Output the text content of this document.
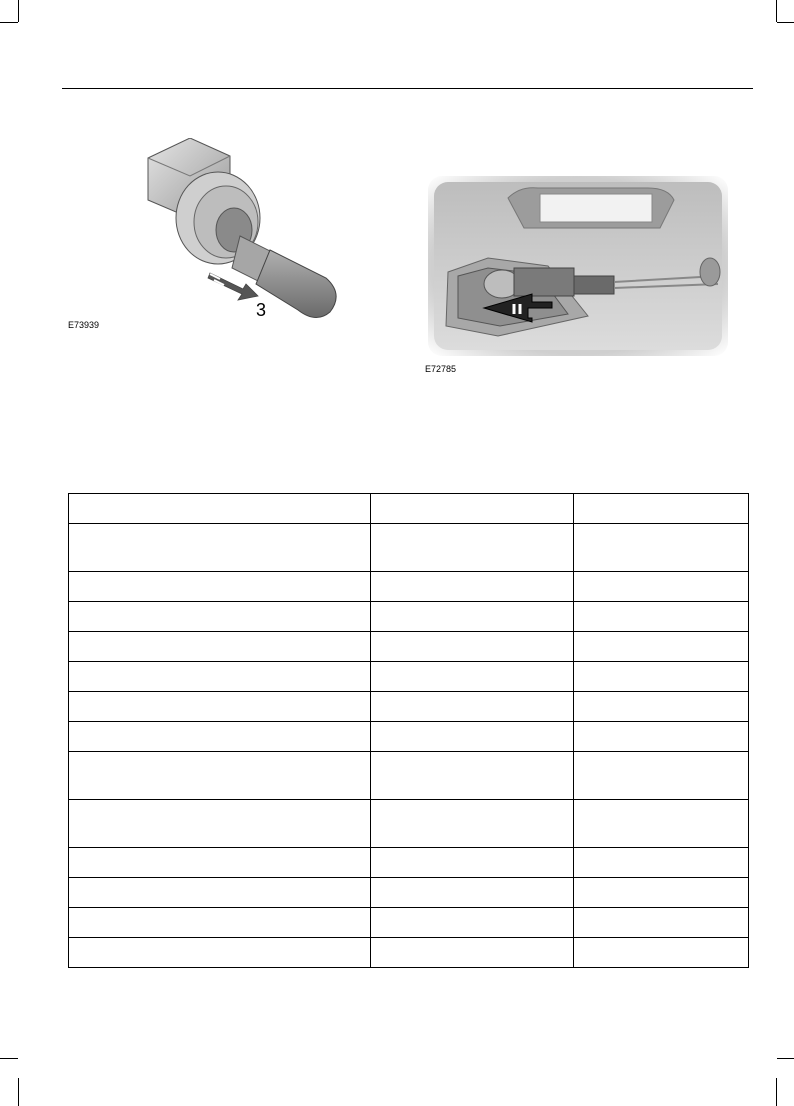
3
E73939
E72785
